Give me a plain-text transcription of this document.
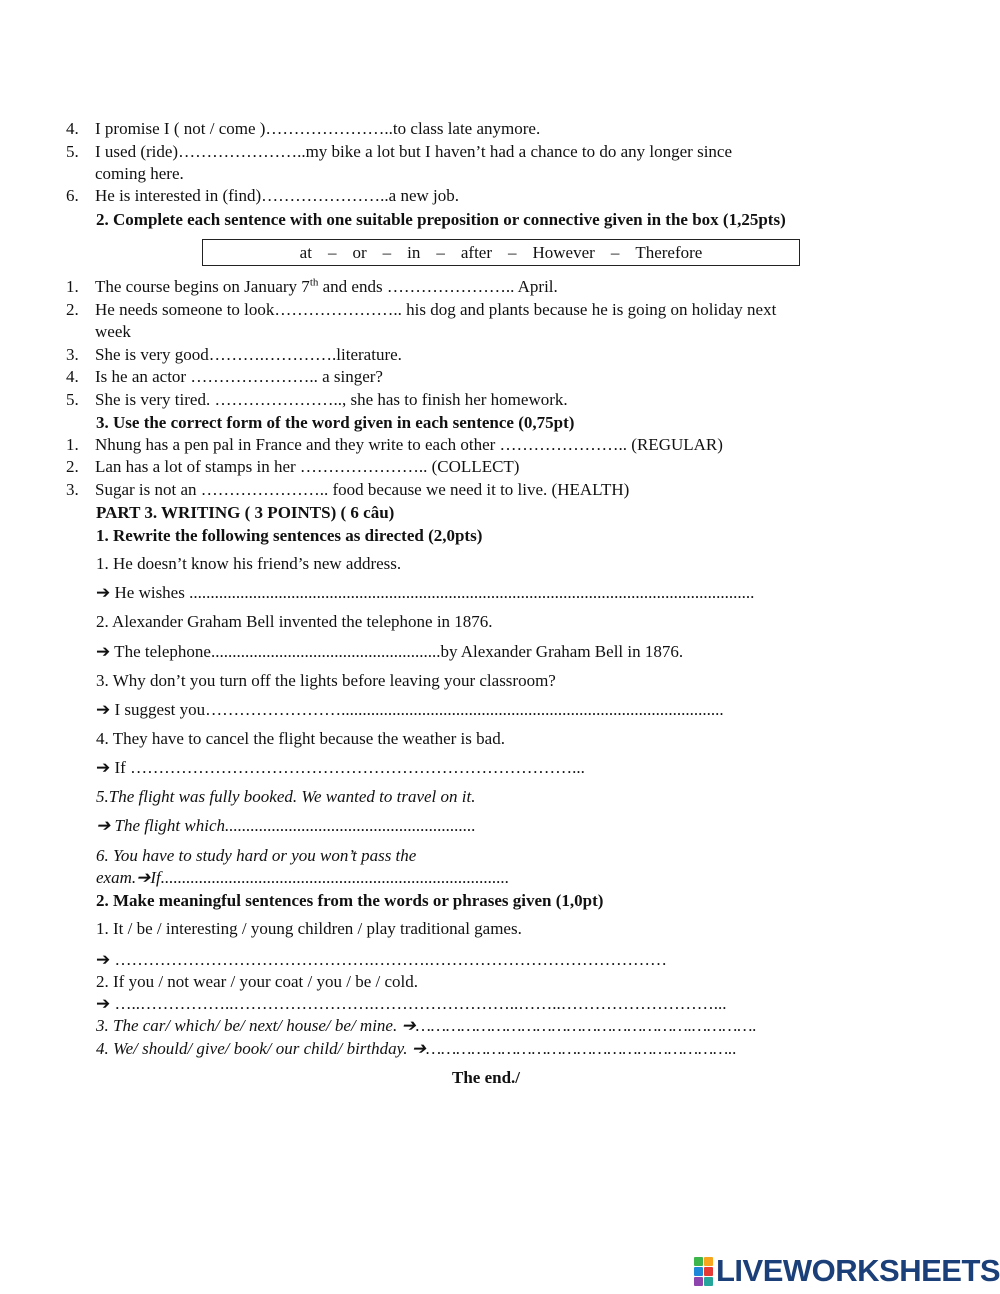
4. I promise I ( not / come )…………………..to class late anymore.
5. I used (ride)…………………..my bike a lot but I haven’t had a chance to do any longer since
coming here.
6. He is interested in (find)…………………..a new job.
2. Complete each sentence with one suitable preposition or connective given in the box (1,25pts)
at – or – in – after – However – Therefore
1. The course begins on January 7th and ends ………………….. April.
2. He needs someone to look………………….. his dog and plants because he is going on holiday next
week
3. She is very good……….………….literature.
4. Is he an actor ………………….. a singer?
5. She is very tired. ………………….., she has to finish her homework.
3. Use the correct form of the word given in each sentence (0,75pt)
1. Nhung has a pen pal in France and they write to each other ………………….. (REGULAR)
2. Lan has a lot of stamps in her ………………….. (COLLECT)
3. Sugar is not an ………………….. food because we need it to live. (HEALTH)
PART 3. WRITING ( 3 POINTS) ( 6 câu)
1. Rewrite the following sentences as directed (2,0pts)
1. He doesn’t know his friend’s new address.
➔ He wishes .....................................................................................................................................
2. Alexander Graham Bell invented the telephone in 1876.
➔ The telephone......................................................by Alexander Graham Bell in 1876.
3. Why don’t you turn off the lights before leaving your classroom?
➔ I suggest you……………………..........................................................................................
4. They have to cancel the flight because the weather is bad.
➔ If ……………………………………………………………………...
5.The flight was fully booked. We wanted to travel on it.
➔ The flight which...........................................................
6. You have to study hard or you won’t pass the
exam.➔If..................................................................................
2. Make meaningful sentences from the words or phrases given (1,0pt)
1. It / be / interesting / young children / play traditional games.
➔ ……………………………………….……….……………………………………
2. If you / not wear / your coat / you / be / cold.
➔ …..……………..…………………….……………………..……..………………………...
3. The car/ which/ be/ next/ house/ be/ mine. ➔……………………………………………….………….
4. We/ should/ give/ book/ our child/ birthday. ➔……………………………………………………..
The end./
LIVEWORKSHEETS
